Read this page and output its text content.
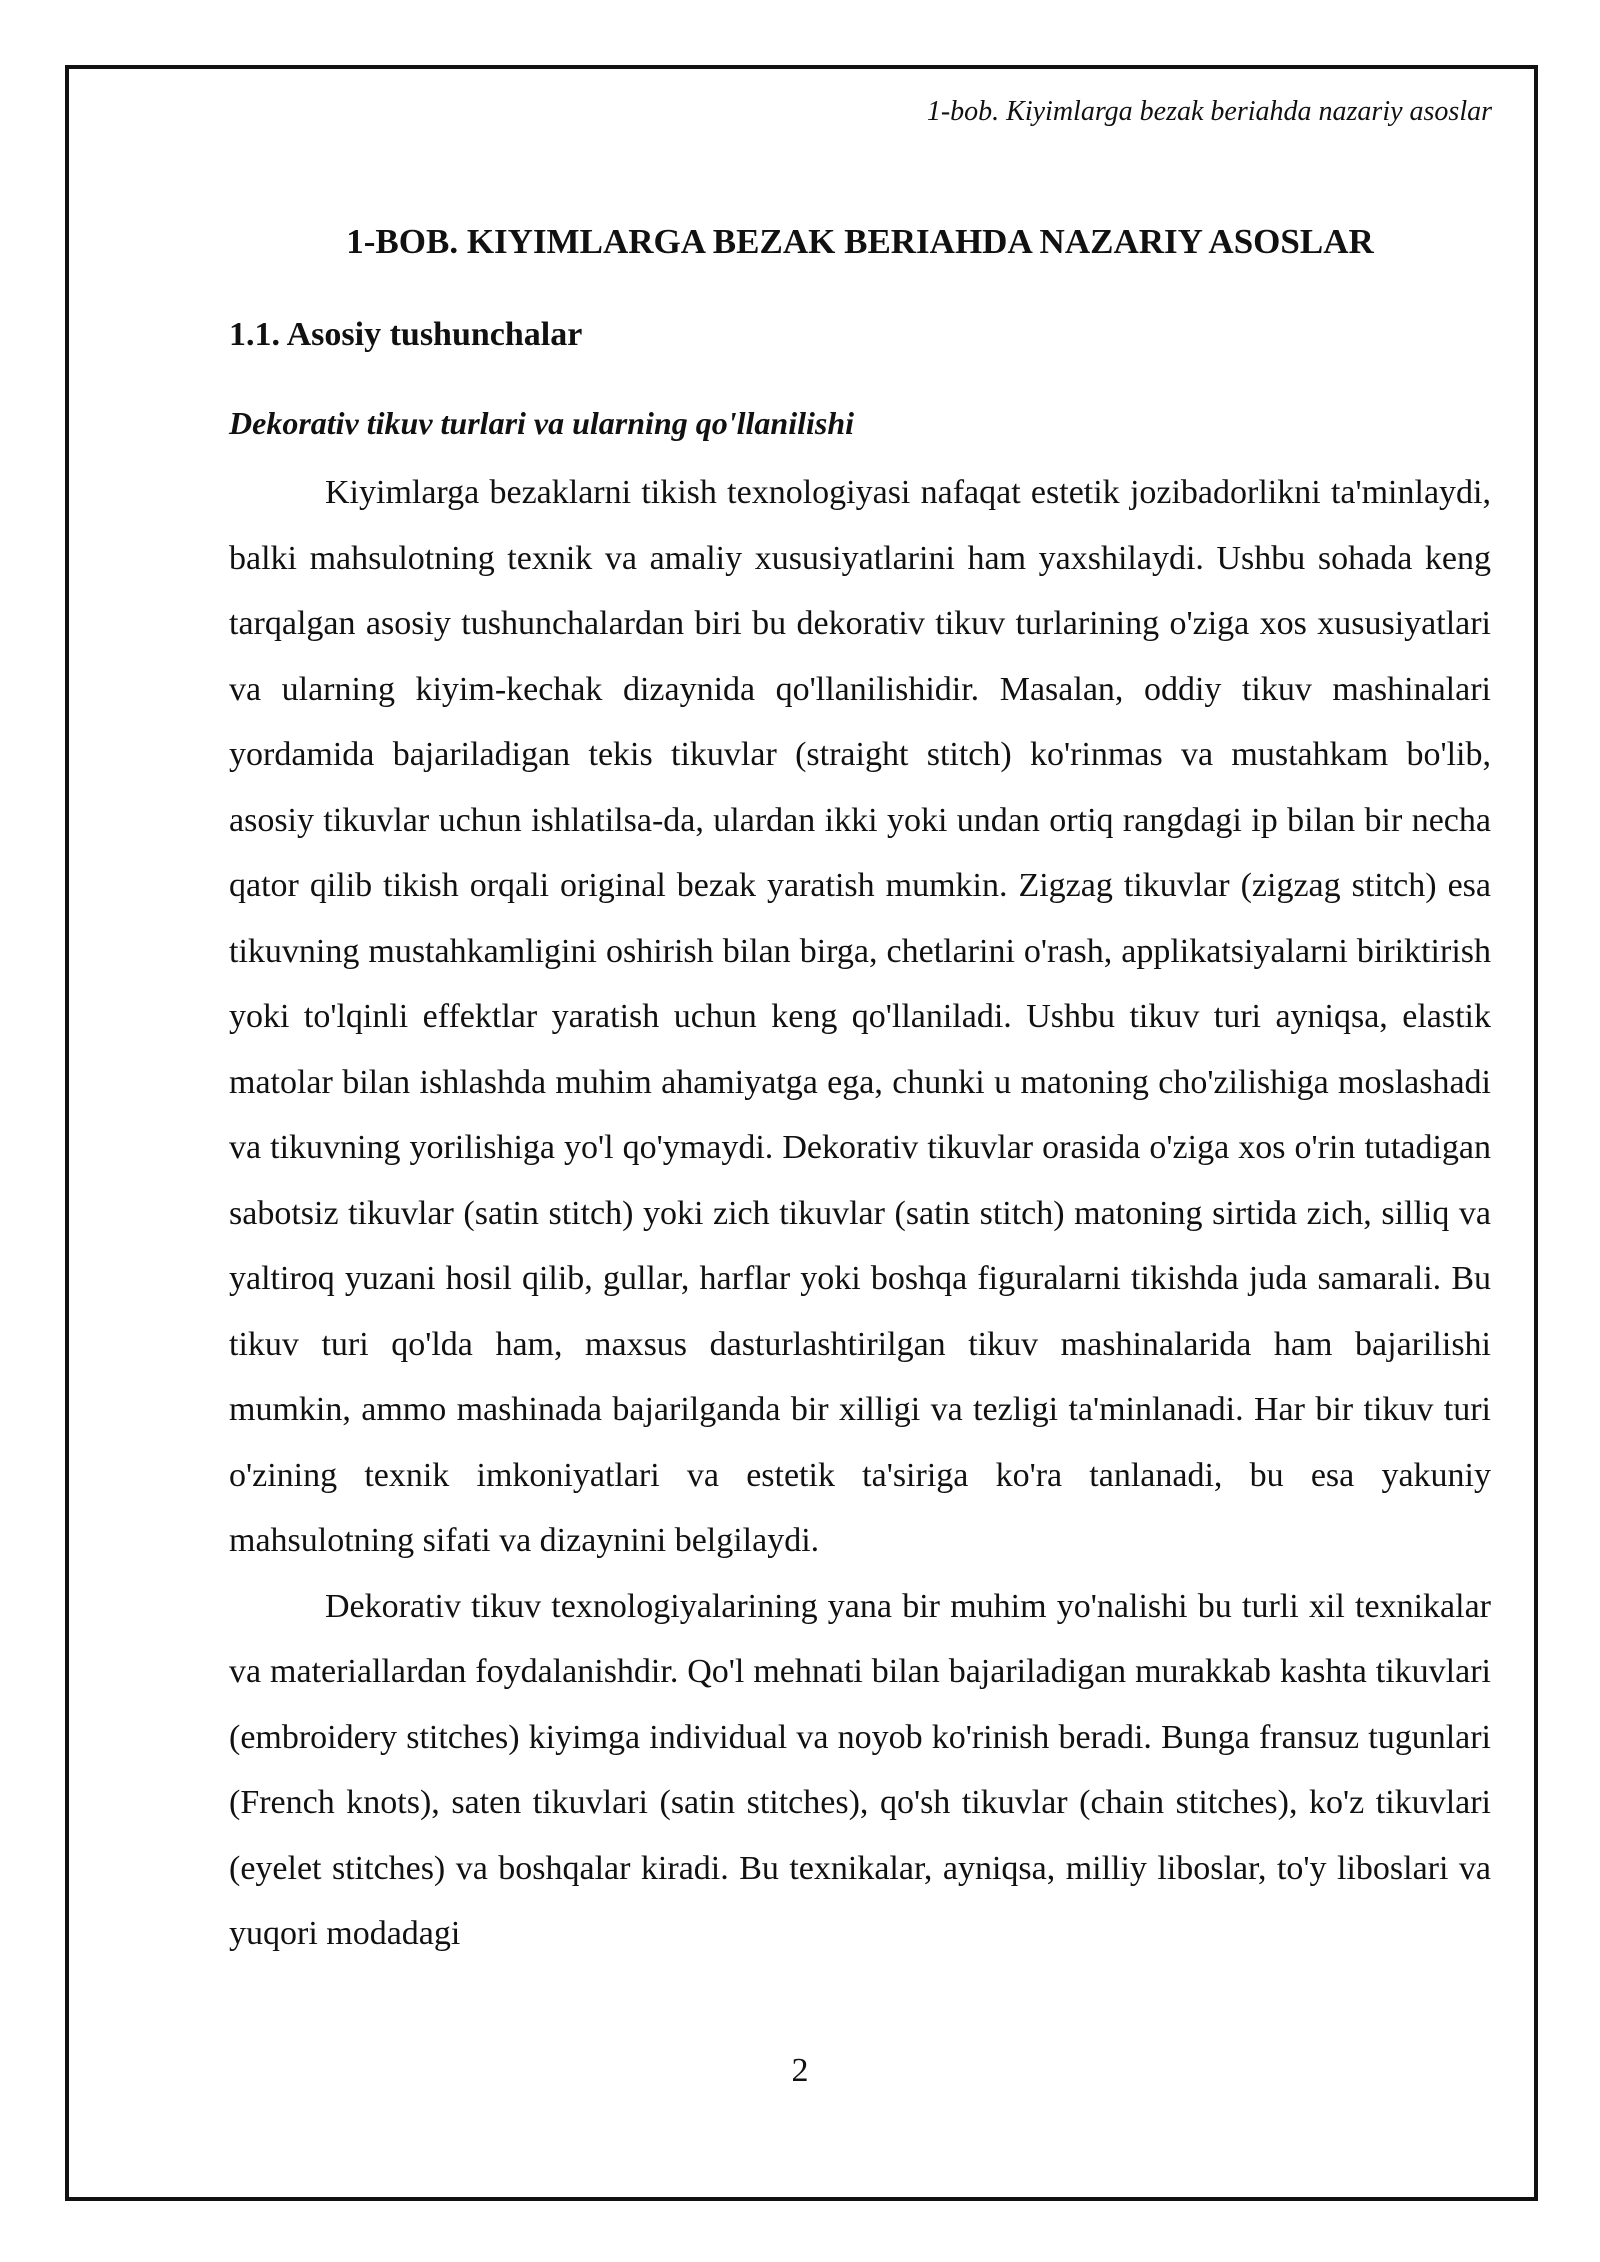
1-bob. Kiyimlarga bezak beriahda nazariy asoslar
1-BOB. KIYIMLARGA BEZAK BERIAHDA NAZARIY ASOSLAR
1.1. Asosiy tushunchalar
Dekorativ tikuv turlari va ularning qo'llanilishi

Kiyimlarga bezaklarni tikish texnologiyasi nafaqat estetik jozibadorlikni ta'minlaydi, balki mahsulotning texnik va amaliy xususiyatlarini ham yaxshilaydi. Ushbu sohada keng tarqalgan asosiy tushunchalardan biri bu dekorativ tikuv turlarining o'ziga xos xususiyatlari va ularning kiyim-kechak dizaynida qo'llanilishidir. Masalan, oddiy tikuv mashinalari yordamida bajariladigan tekis tikuvlar (straight stitch) ko'rinmas va mustahkam bo'lib, asosiy tikuvlar uchun ishlatilsa-da, ulardan ikki yoki undan ortiq rangdagi ip bilan bir necha qator qilib tikish orqali original bezak yaratish mumkin. Zigzag tikuvlar (zigzag stitch) esa tikuvning mustahkamligini oshirish bilan birga, chetlarini o'rash, applikatsiyalarni biriktirish yoki to'lqinli effektlar yaratish uchun keng qo'llaniladi. Ushbu tikuv turi ayniqsa, elastik matolar bilan ishlashda muhim ahamiyatga ega, chunki u matoning cho'zilishiga moslashadi va tikuvning yorilishiga yo'l qo'ymaydi. Dekorativ tikuvlar orasida o'ziga xos o'rin tutadigan sabotsiz tikuvlar (satin stitch) yoki zich tikuvlar (satin stitch) matoning sirtida zich, silliq va yaltiroq yuzani hosil qilib, gullar, harflar yoki boshqa figuralarni tikishda juda samarali. Bu tikuv turi qo'lda ham, maxsus dasturlashtirilgan tikuv mashinalarida ham bajarilishi mumkin, ammo mashinada bajarilganda bir xilligi va tezligi ta'minlanadi. Har bir tikuv turi o'zining texnik imkoniyatlari va estetik ta'siriga ko'ra tanlanadi, bu esa yakuniy mahsulotning sifati va dizaynini belgilaydi.

Dekorativ tikuv texnologiyalarining yana bir muhim yo'nalishi bu turli xil texnikalar va materiallardan foydalanishdir. Qo'l mehnati bilan bajariladigan murakkab kashta tikuvlari (embroidery stitches) kiyimga individual va noyob ko'rinish beradi. Bunga fransuz tugunlari (French knots), saten tikuvlari (satin stitches), qo'sh tikuvlar (chain stitches), ko'z tikuvlari (eyelet stitches) va boshqalar kiradi. Bu texnikalar, ayniqsa, milliy liboslar, to'y liboslari va yuqori modadagi

2
